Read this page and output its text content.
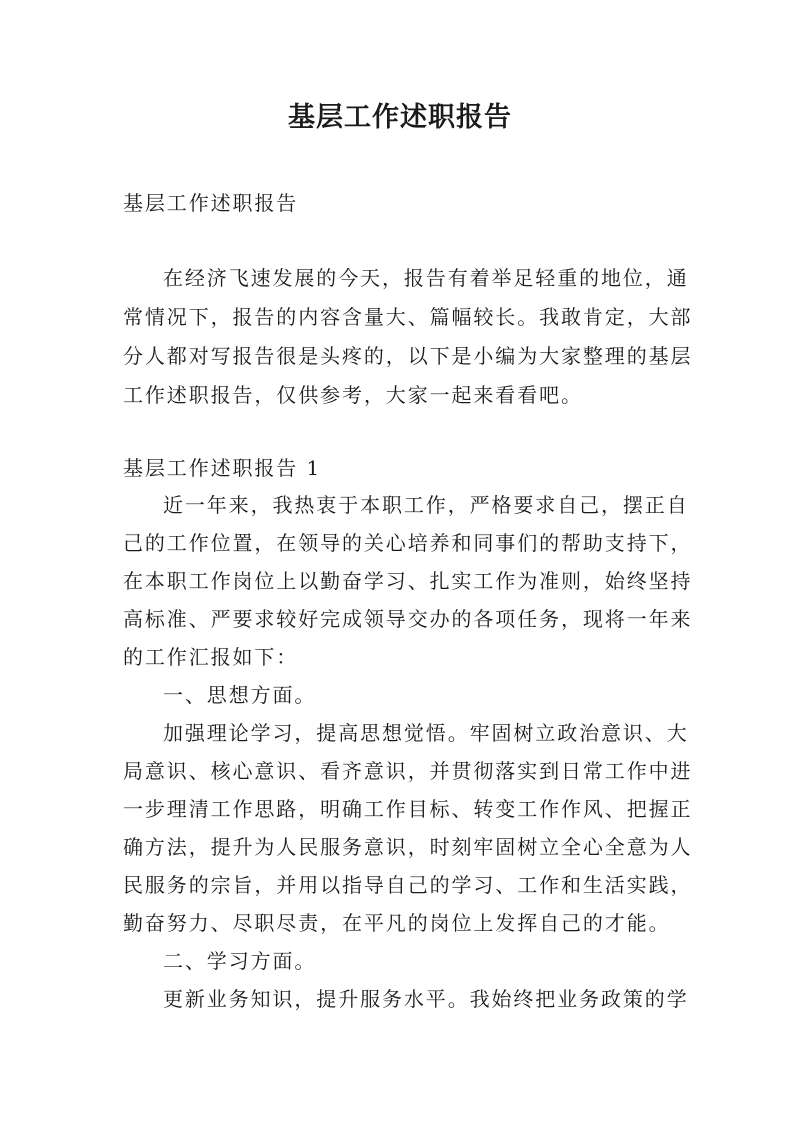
基层工作述职报告

基层工作述职报告

在经济飞速发展的今天，报告有着举足轻重的地位，通

常情况下，报告的内容含量大、篇幅较长。我敢肯定，大部

分人都对写报告很是头疼的，以下是小编为大家整理的基层

工作述职报告，仅供参考，大家一起来看看吧。

基层工作述职报告 1

近一年来，我热衷于本职工作，严格要求自己，摆正自

己的工作位置，在领导的关心培养和同事们的帮助支持下，

在本职工作岗位上以勤奋学习、扎实工作为准则，始终坚持

高标准、严要求较好完成领导交办的各项任务，现将一年来

的工作汇报如下：

一、思想方面。

加强理论学习，提高思想觉悟。牢固树立政治意识、大

局意识、核心意识、看齐意识，并贯彻落实到日常工作中进

一步理清工作思路，明确工作目标、转变工作作风、把握正

确方法，提升为人民服务意识，时刻牢固树立全心全意为人

民服务的宗旨，并用以指导自己的学习、工作和生活实践，

勤奋努力、尽职尽责，在平凡的岗位上发挥自己的才能。

二、学习方面。

更新业务知识，提升服务水平。我始终把业务政策的学
